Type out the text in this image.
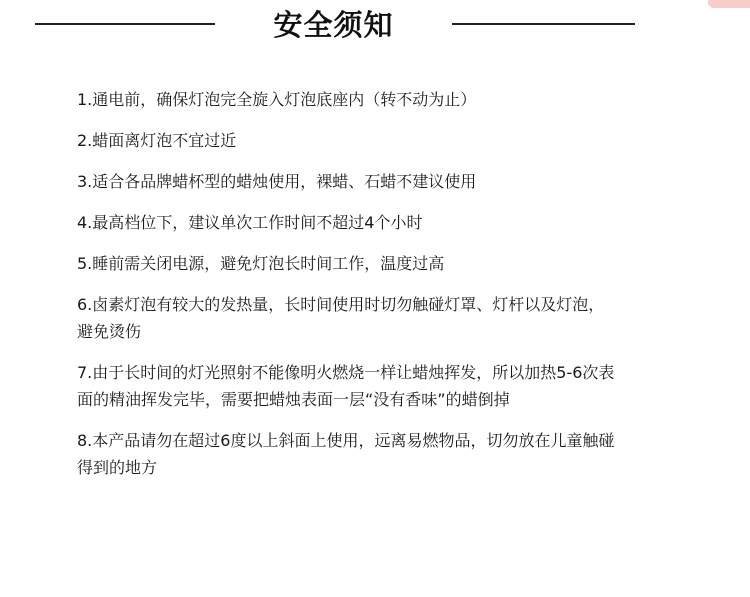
安全须知
1.通电前，确保灯泡完全旋入灯泡底座内（转不动为止）
2.蜡面离灯泡不宜过近
3.适合各品牌蜡杯型的蜡烛使用，裸蜡、石蜡不建议使用
4.最高档位下，建议单次工作时间不超过4个小时
5.睡前需关闭电源，避免灯泡长时间工作，温度过高
6.卤素灯泡有较大的发热量，长时间使用时切勿触碰灯罩、灯杆以及灯泡，避免烫伤
7.由于长时间的灯光照射不能像明火燃烧一样让蜡烛挥发，所以加热5-6次表面的精油挥发完毕，需要把蜡烛表面一层“没有香味”的蜡倒掉
8.本产品请勿在超过6度以上斜面上使用，远离易燃物品，切勿放在儿童触碰得到的地方
